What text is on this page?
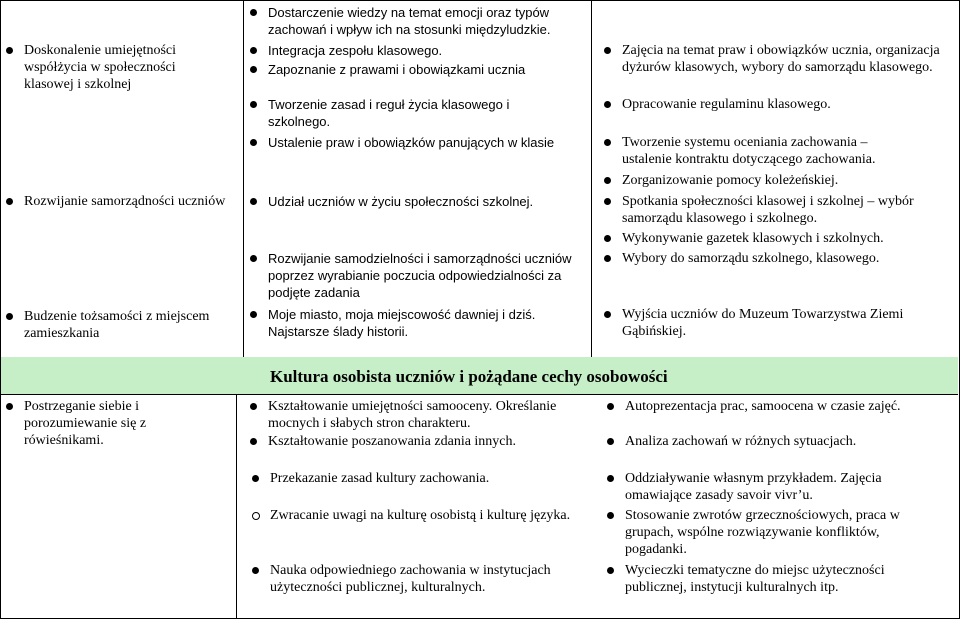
Kultura osobista uczniów i pożądane cechy osobowości
Doskonalenie umiejętności współżycia w społeczności klasowej i szkolnej
Rozwijanie samorządności uczniów
Budzenie tożsamości z miejscem zamieszkania
Dostarczenie wiedzy na temat emocji oraz typów zachowań i wpływ ich na stosunki międzyludzkie.
Integracja zespołu klasowego.
Zapoznanie z prawami i obowiązkami ucznia
Tworzenie zasad i reguł życia klasowego i szkolnego.
Ustalenie praw i obowiązków panujących w klasie
Udział uczniów w życiu społeczności szkolnej.
Rozwijanie samodzielności i samorządności uczniów poprzez wyrabianie poczucia odpowiedzialności za podjęte zadania
Moje miasto, moja miejscowość dawniej i dziś. Najstarsze ślady historii.
Zajęcia na temat praw i obowiązków ucznia, organizacja dyżurów klasowych, wybory do samorządu klasowego.
Opracowanie regulaminu klasowego.
Tworzenie systemu oceniania zachowania – ustalenie kontraktu dotyczącego zachowania.
Zorganizowanie pomocy koleżeńskiej.
Spotkania społeczności klasowej i szkolnej – wybór samorządu klasowego i szkolnego.
Wykonywanie gazetek klasowych i szkolnych.
Wybory do samorządu szkolnego, klasowego.
Wyjścia uczniów do Muzeum Towarzystwa Ziemi Gąbińskiej.
Postrzeganie siebie i porozumiewanie się z rówieśnikami.
Kształtowanie umiejętności samooceny. Określanie mocnych i słabych stron charakteru.
Kształtowanie poszanowania zdania innych.
Przekazanie zasad kultury zachowania.
Zwracanie uwagi na kulturę osobistą i kulturę języka.
Nauka odpowiedniego zachowania w instytucjach użyteczności publicznej, kulturalnych.
Autoprezentacja prac, samoocena w czasie zajęć.
Analiza zachowań w różnych sytuacjach.
Oddziaływanie własnym przykładem. Zajęcia omawiające zasady savoir vivr’u.
Stosowanie zwrotów grzecznościowych, praca w grupach, wspólne rozwiązywanie konfliktów, pogadanki.
Wycieczki tematyczne do miejsc użyteczności publicznej, instytucji kulturalnych itp.
